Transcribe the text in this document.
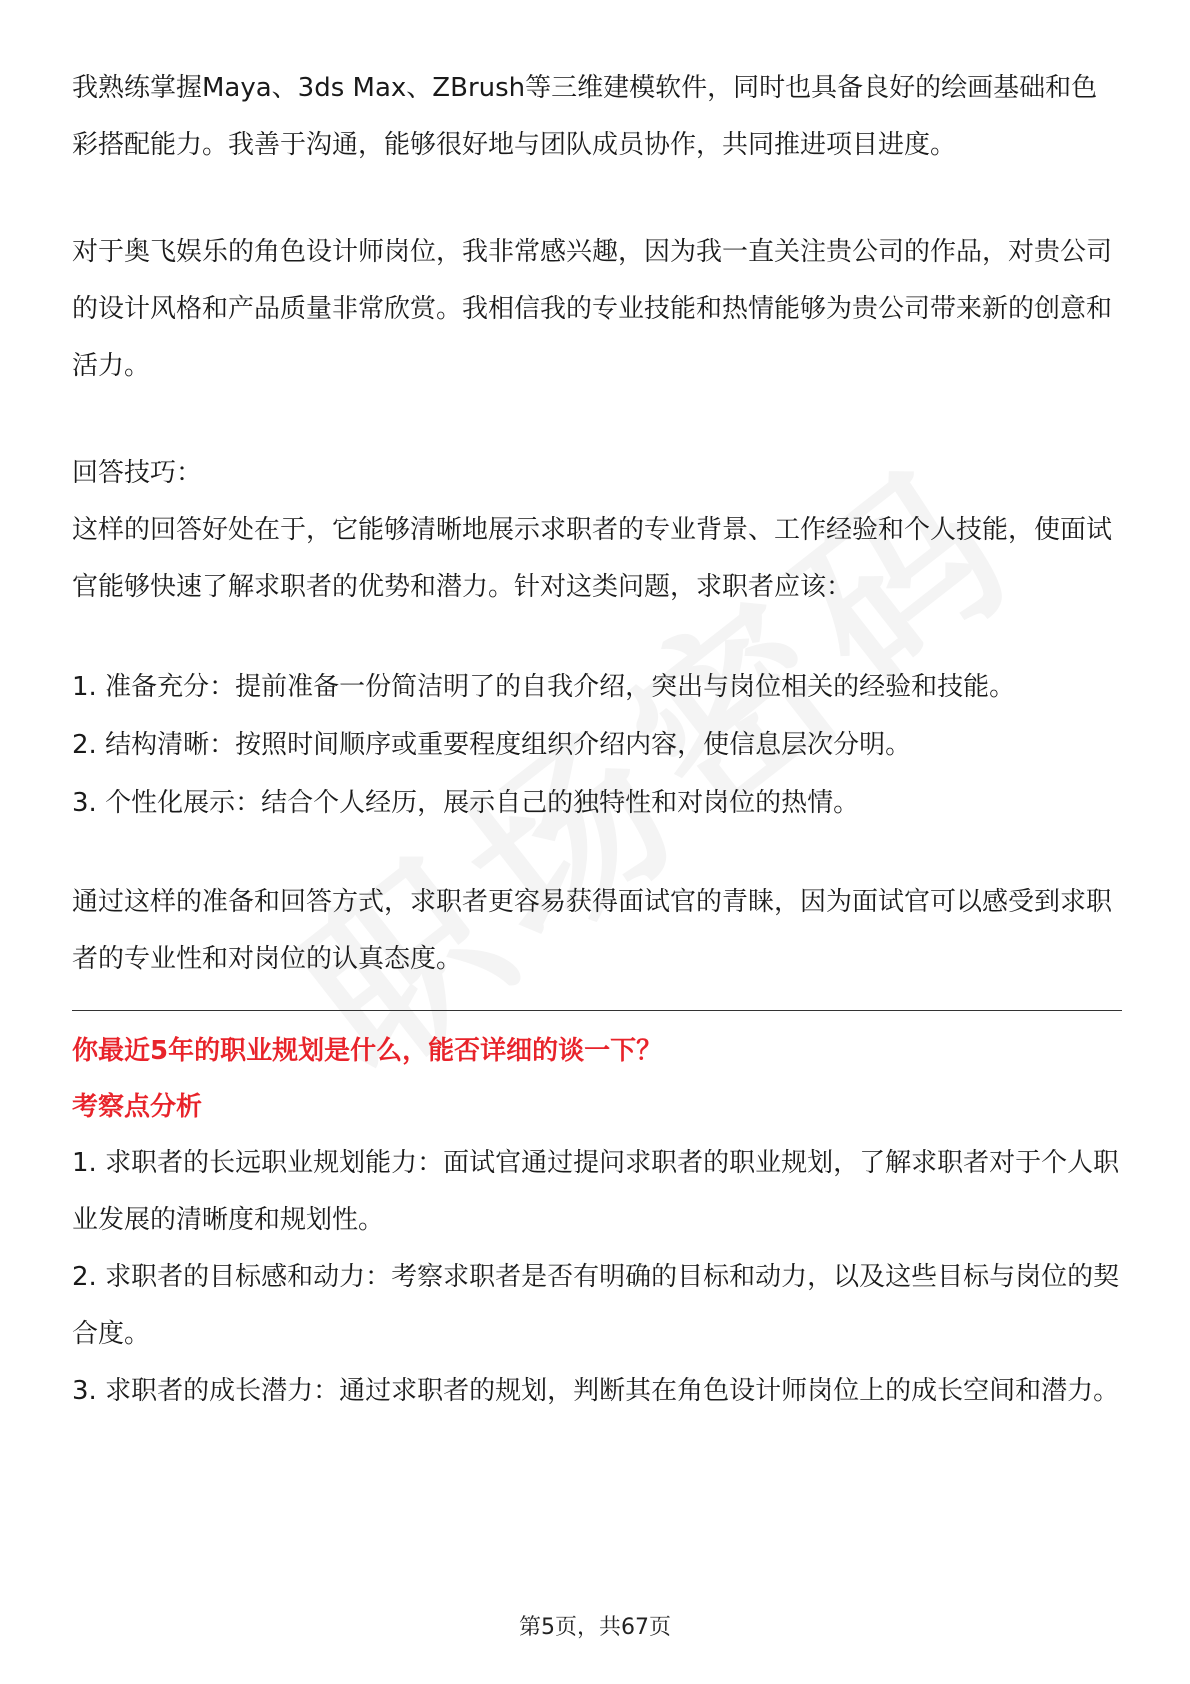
我熟练掌握Maya、3ds Max、ZBrush等三维建模软件，同时也具备良好的绘画基础和色彩搭配能力。我善于沟通，能够很好地与团队成员协作，共同推进项目进度。

对于奥飞娱乐的角色设计师岗位，我非常感兴趣，因为我一直关注贵公司的作品，对贵公司的设计风格和产品质量非常欣赏。我相信我的专业技能和热情能够为贵公司带来新的创意和活力。

回答技巧：

这样的回答好处在于，它能够清晰地展示求职者的专业背景、工作经验和个人技能，使面试官能够快速了解求职者的优势和潜力。针对这类问题，求职者应该：

1. 准备充分：提前准备一份简洁明了的自我介绍，突出与岗位相关的经验和技能。
2. 结构清晰：按照时间顺序或重要程度组织介绍内容，使信息层次分明。
3. 个性化展示：结合个人经历，展示自己的独特性和对岗位的热情。

通过这样的准备和回答方式，求职者更容易获得面试官的青睐，因为面试官可以感受到求职者的专业性和对岗位的认真态度。

你最近5年的职业规划是什么，能否详细的谈一下？

考察点分析

1. 求职者的长远职业规划能力：面试官通过提问求职者的职业规划，了解求职者对于个人职业发展的清晰度和规划性。

2. 求职者的目标感和动力：考察求职者是否有明确的目标和动力，以及这些目标与岗位的契合度。

3. 求职者的成长潜力：通过求职者的规划，判断其在角色设计师岗位上的成长空间和潜力。

第5页，共67页
